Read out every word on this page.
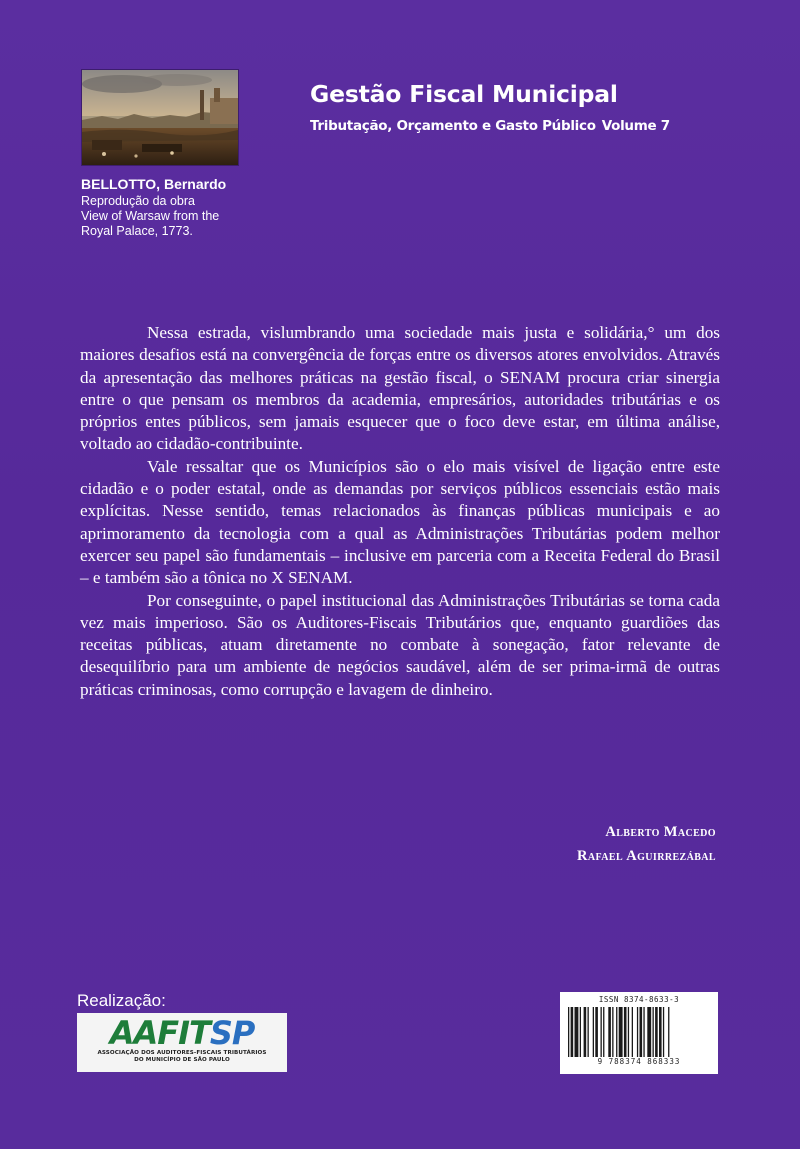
BELLOTTO, Bernardo
Reprodução da obra
View of Warsaw from the
Royal Palace, 1773.
Gestão Fiscal Municipal
Tributação, Orçamento e Gasto Público Volume 7

Nessa estrada, vislumbrando uma sociedade mais justa e solidária,° um dos maiores desafios está na convergência de forças entre os diversos atores envolvidos. Através da apresentação das melhores práticas na gestão fiscal, o SENAM procura criar sinergia entre o que pensam os membros da academia, empresários, autoridades tributárias e os próprios entes públicos, sem jamais esquecer que o foco deve estar, em última análise, voltado ao cidadão-contribuinte.

Vale ressaltar que os Municípios são o elo mais visível de ligação entre este cidadão e o poder estatal, onde as demandas por serviços públicos essenciais estão mais explícitas. Nesse sentido, temas relacionados às finanças públicas municipais e ao aprimoramento da tecnologia com a qual as Administrações Tributárias podem melhor exercer seu papel são fundamentais – inclusive em parceria com a Receita Federal do Brasil – e também são a tônica no X SENAM.

Por conseguinte, o papel institucional das Administrações Tributárias se torna cada vez mais imperioso. São os Auditores-Fiscais Tributários que, enquanto guardiões das receitas públicas, atuam diretamente no combate à sonegação, fator relevante de desequilíbrio para um ambiente de negócios saudável, além de ser prima-irmã de outras práticas criminosas, como corrupção e lavagem de dinheiro.

Alberto Macedo
Rafael Aguirrezábal
Realização:
AAFITSP
ASSOCIAÇÃO DOS AUDITORES-FISCAIS TRIBUTÁRIOS
DO MUNICÍPIO DE SÃO PAULO
ISSN 8374-8633-3
9 788374 868333
